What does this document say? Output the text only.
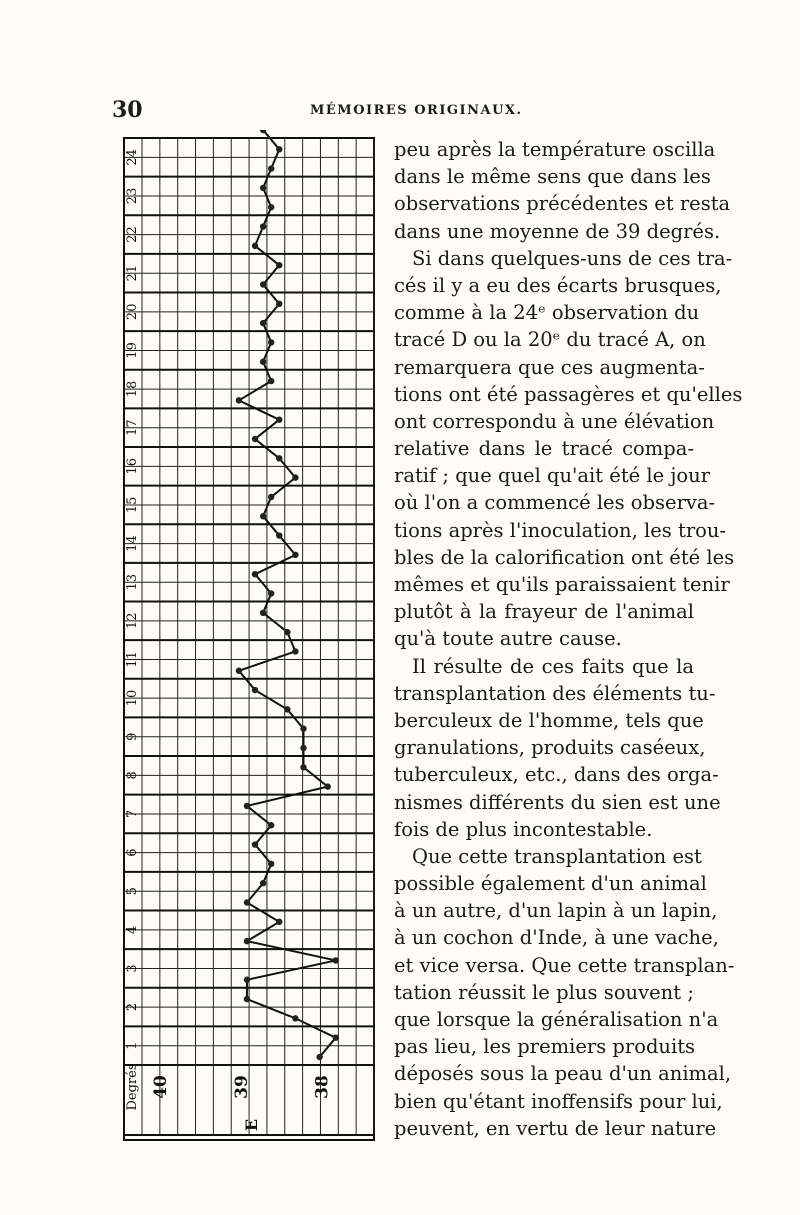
30	MÉMOIRES ORIGINAUX.
1
2
3
4
5
6
7
8
9
10
11
12
13
14
15
16
17
18
19
20
21
22
23
24
40	39	38
Degrés
E
peu après la température oscilla
dans le même sens que dans les
observations précédentes et resta
dans une moyenne de 39 degrés.
Si dans quelques-uns de ces tra-
cés il y a eu des écarts brusques,
comme à la 24ᵉ observation du
tracé D ou la 20ᵉ du tracé A, on
remarquera que ces augmenta-
tions ont été passagères et qu'elles
ont correspondu à une élévation
relative dans le tracé compa-
ratif ; que quel qu'ait été le jour
où l'on a commencé les observa-
tions après l'inoculation, les trou-
bles de la calorification ont été les
mêmes et qu'ils paraissaient tenir
plutôt à la frayeur de l'animal
qu'à toute autre cause.
Il résulte de ces faits que la
transplantation des éléments tu-
berculeux de l'homme, tels que
granulations, produits caséeux,
tuberculeux, etc., dans des orga-
nismes différents du sien est une
fois de plus incontestable.
Que cette transplantation est
possible également d'un animal
à un autre, d'un lapin à un lapin,
à un cochon d'Inde, à une vache,
et vice versa. Que cette transplan-
tation réussit le plus souvent ;
que lorsque la généralisation n'a
pas lieu, les premiers produits
déposés sous la peau d'un animal,
bien qu'étant inoffensifs pour lui,
peuvent, en vertu de leur nature
